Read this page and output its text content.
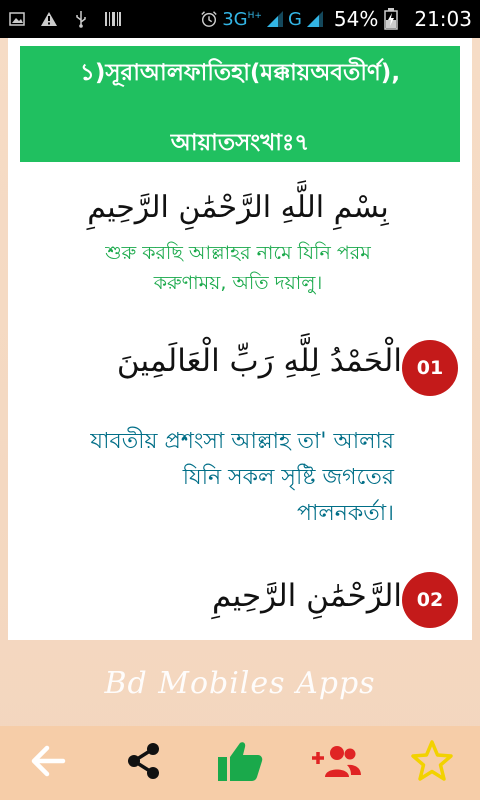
$3G^{H+}$ G 54% 21:03
১)সূরাআলফাতিহা(মক্কায়অবতীর্ণ),
আয়াতসংখাঃ৭
بِسْمِ اللَّهِ الرَّحْمَٰنِ الرَّحِيمِ
শুরু করছি আল্লাহর নামে যিনি পরম
করুণাময়, অতি দয়ালু।
الْحَمْدُ لِلَّهِ رَبِّ الْعَالَمِينَ 01
যাবতীয় প্রশংসা আল্লাহ তা' আলার
যিনি সকল সৃষ্টি জগতের
পালনকর্তা।
الرَّحْمَٰنِ الرَّحِيمِ 02
Bd Mobiles Apps
